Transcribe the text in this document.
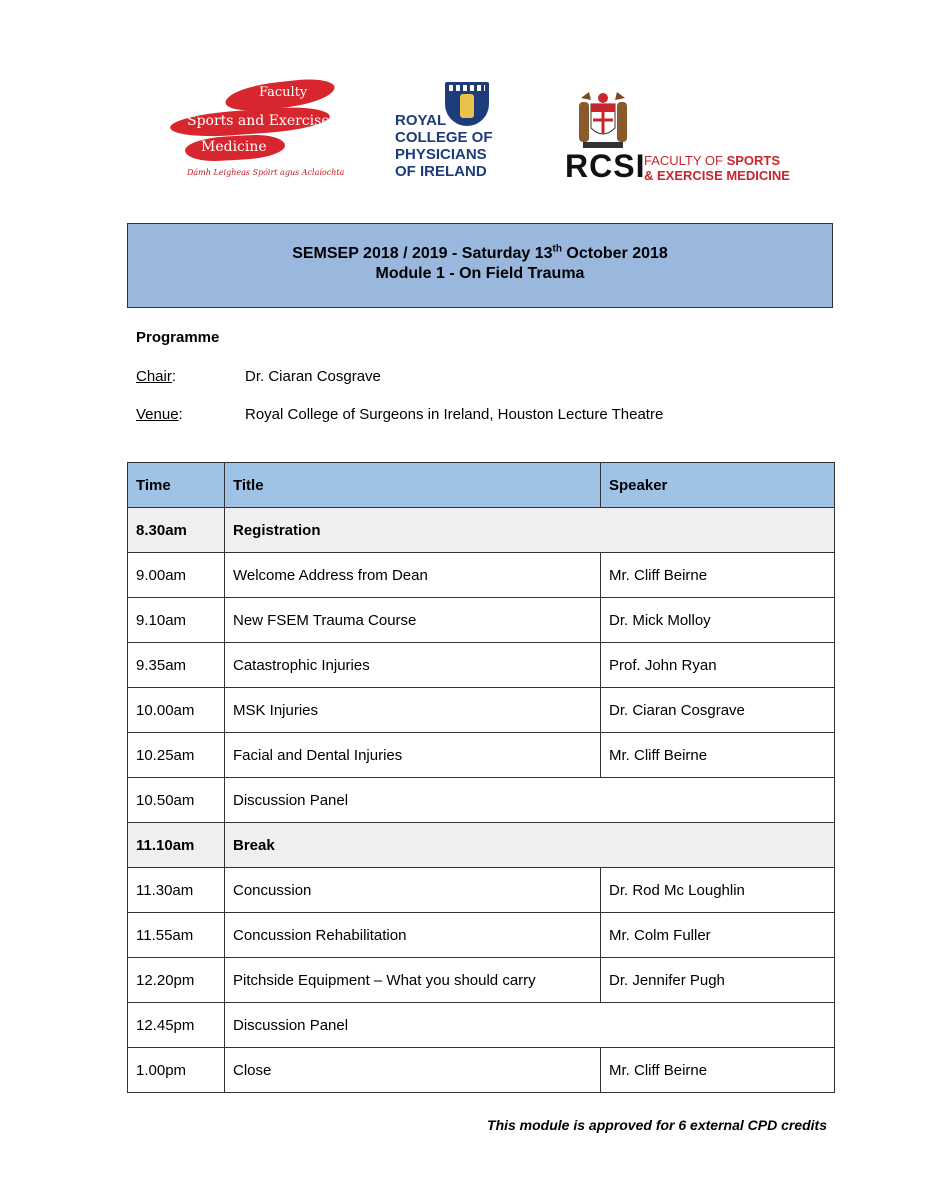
Faculty
Sports and Exercise
Medicine
Dámh Leigheas Spóirt agus Aclaíochta
ROYAL
COLLEGE OF
PHYSICIANS
OF IRELAND RCSI
FACULTY OF SPORTS
& EXERCISE MEDICINE
SEMSEP 2018 / 2019 - Saturday 13th October 2018
Module 1 - On Field Trauma
Programme
Chair:	Dr. Ciaran Cosgrave
Venue:	Royal College of Surgeons in Ireland, Houston Lecture Theatre
Time	Title	Speaker
8.30am	Registration	
9.00am	Welcome Address from Dean	Mr. Cliff Beirne
9.10am	New FSEM Trauma Course	Dr. Mick Molloy
9.35am	Catastrophic Injuries	Prof. John Ryan
10.00am	MSK Injuries	Dr. Ciaran Cosgrave
10.25am	Facial and Dental Injuries	Mr. Cliff Beirne
10.50am	Discussion Panel	
11.10am	Break	
11.30am	Concussion	Dr. Rod Mc Loughlin
11.55am	Concussion Rehabilitation	Mr. Colm Fuller
12.20pm	Pitchside Equipment – What you should carry	Dr. Jennifer Pugh
12.45pm	Discussion Panel	
1.00pm	Close	Mr. Cliff Beirne
This module is approved for 6 external CPD credits
